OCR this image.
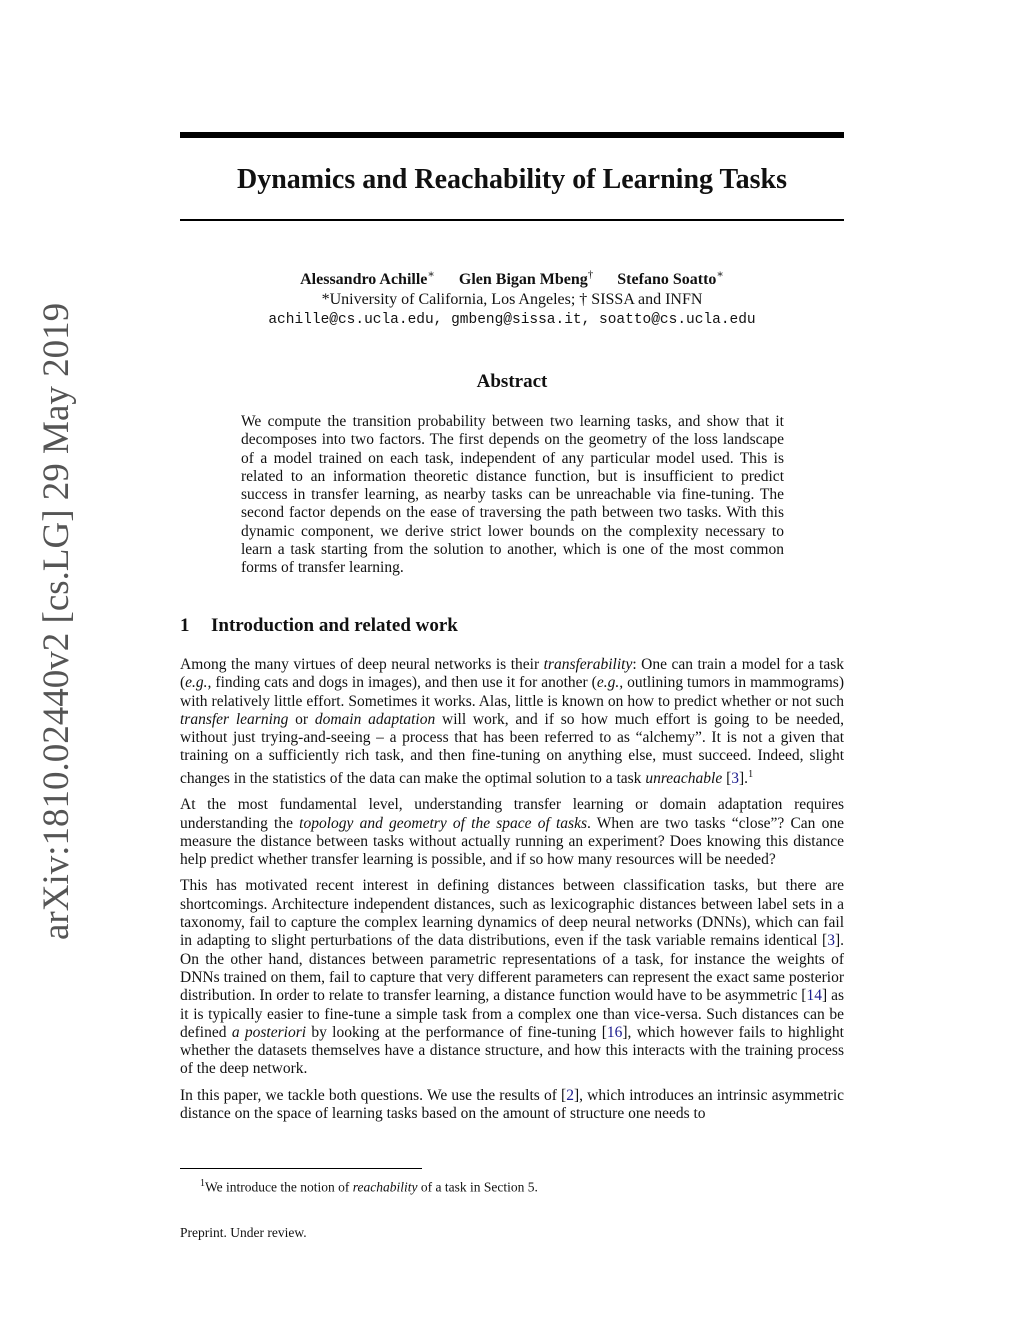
arXiv:1810.02440v2 [cs.LG] 29 May 2019
Dynamics and Reachability of Learning Tasks
Alessandro Achille∗ Glen Bigan Mbeng† Stefano Soatto∗
*University of California, Los Angeles; † SISSA and INFN
achille@cs.ucla.edu, gmbeng@sissa.it, soatto@cs.ucla.edu
Abstract

We compute the transition probability between two learning tasks, and show that it decomposes into two factors. The first depends on the geometry of the loss landscape of a model trained on each task, independent of any particular model used. This is related to an information theoretic distance function, but is insufficient to predict success in transfer learning, as nearby tasks can be unreachable via fine-tuning. The second factor depends on the ease of traversing the path between two tasks. With this dynamic component, we derive strict lower bounds on the complexity necessary to learn a task starting from the solution to another, which is one of the most common forms of transfer learning.

1 Introduction and related work

Among the many virtues of deep neural networks is their transferability: One can train a model for a task (e.g., finding cats and dogs in images), and then use it for another (e.g., outlining tumors in mammograms) with relatively little effort. Sometimes it works. Alas, little is known on how to predict whether or not such transfer learning or domain adaptation will work, and if so how much effort is going to be needed, without just trying-and-seeing – a process that has been referred to as “alchemy”. It is not a given that training on a sufficiently rich task, and then fine-tuning on anything else, must succeed. Indeed, slight changes in the statistics of the data can make the optimal solution to a task unreachable [3].$^1$

At the most fundamental level, understanding transfer learning or domain adaptation requires understanding the topology and geometry of the space of tasks. When are two tasks “close”? Can one measure the distance between tasks without actually running an experiment? Does knowing this distance help predict whether transfer learning is possible, and if so how many resources will be needed?

This has motivated recent interest in defining distances between classification tasks, but there are shortcomings. Architecture independent distances, such as lexicographic distances between label sets in a taxonomy, fail to capture the complex learning dynamics of deep neural networks (DNNs), which can fail in adapting to slight perturbations of the data distributions, even if the task variable remains identical [3]. On the other hand, distances between parametric representations of a task, for instance the weights of DNNs trained on them, fail to capture that very different parameters can represent the exact same posterior distribution. In order to relate to transfer learning, a distance function would have to be asymmetric [14] as it is typically easier to fine-tune a simple task from a complex one than vice-versa. Such distances can be defined a posteriori by looking at the performance of fine-tuning [16], which however fails to highlight whether the datasets themselves have a distance structure, and how this interacts with the training process of the deep network.

In this paper, we tackle both questions. We use the results of [2], which introduces an intrinsic asymmetric distance on the space of learning tasks based on the amount of structure one needs to

$^1$We introduce the notion of reachability of a task in Section 5.
Preprint. Under review.
